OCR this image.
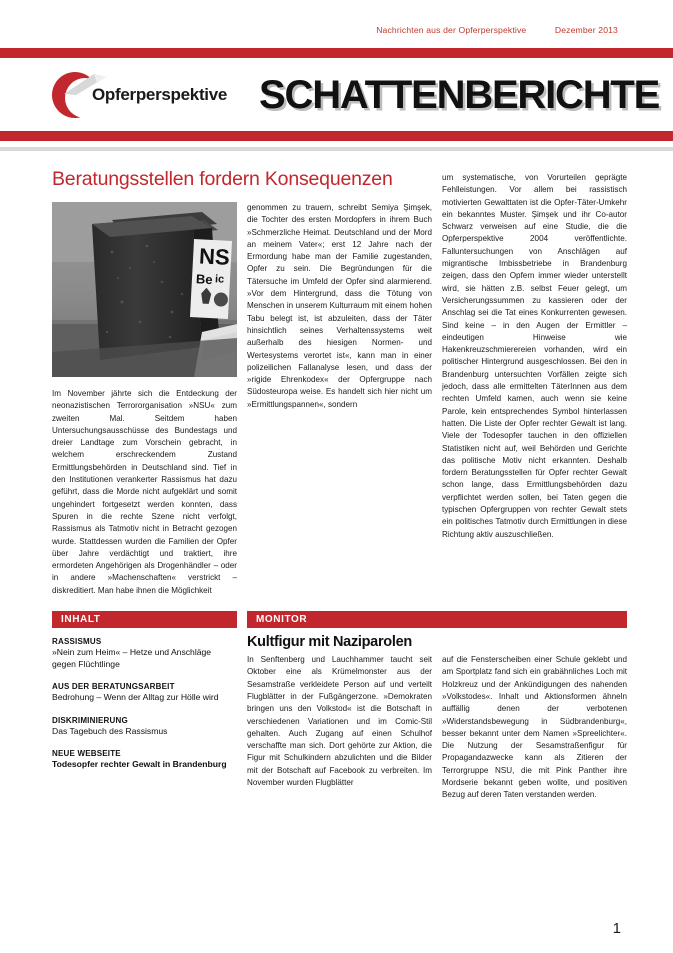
Nachrichten aus der Opferperspektive	Dezember 2013
Opferperspektive SCHATTENBERICHTE
Beratungsstellen fordern Konsequenzen
NS
Be ic

Im November jährte sich die Entdeckung der neonazistischen Terrororganisation »NSU« zum zweiten Mal. Seitdem haben Untersuchungsausschüsse des Bundestags und dreier Landtage zum Vorschein gebracht, in welchem erschreckendem Zustand Ermittlungsbehörden in Deutschland sind. Tief in den Institutionen verankerter Rassismus hat dazu geführt, dass die Morde nicht aufgeklärt und somit ungehindert fortgesetzt werden konnten, dass Spuren in die rechte Szene nicht verfolgt, Rassismus als Tatmotiv nicht in Betracht gezogen wurde. Stattdessen wurden die Familien der Opfer über Jahre verdächtigt und traktiert, ihre ermordeten Angehörigen als Drogenhändler – oder in andere »Machenschaften« verstrickt – diskreditiert. Man habe ihnen die Möglichkeit

genommen zu trauern, schreibt Semiya Şimşek, die Tochter des ersten Mordopfers in ihrem Buch »Schmerzliche Heimat. Deutschland und der Mord an meinem Vater«; erst 12 Jahre nach der Ermordung habe man der Familie zugestanden, Opfer zu sein. Die Begründungen für die Tätersuche im Umfeld der Opfer sind alarmierend. »Vor dem Hintergrund, dass die Tötung von Menschen in unserem Kulturraum mit einem hohen Tabu belegt ist, ist abzuleiten, dass der Täter hinsichtlich seines Verhaltenssystems weit außerhalb des hiesigen Normen- und Wertesystems verortet ist«, kann man in einer polizeilichen Fallanalyse lesen, und dass der »rigide Ehrenkodex« der Opfergruppe nach Südosteuropa weise. Es handelt sich hier nicht um »Ermittlungspannen«, sondern

um systematische, von Vorurteilen geprägte Fehlleistungen. Vor allem bei rassistisch motivierten Gewalttaten ist die Opfer-Täter-Umkehr ein bekanntes Muster. Şimşek und ihr Co-autor Schwarz verweisen auf eine Studie, die die Opferperspektive 2004 veröffentlichte. Falluntersuchungen von Anschlägen auf migrantische Imbissbetriebe in Brandenburg zeigen, dass den Opfern immer wieder unterstellt wird, sie hätten z.B. selbst Feuer gelegt, um Versicherungssummen zu kassieren oder der Anschlag sei die Tat eines Konkurrenten gewesen. Sind keine – in den Augen der Ermittler – eindeutigen Hinweise wie Hakenkreuzschmierereien vorhanden, wird ein politischer Hintergrund ausgeschlossen. Bei den in Brandenburg untersuchten Vorfällen zeigte sich jedoch, dass alle ermittelten TäterInnen aus dem rechten Umfeld kamen, auch wenn sie keine Parole, kein entsprechendes Symbol hinterlassen hatten. Die Liste der Opfer rechter Gewalt ist lang. Viele der Todesopfer tauchen in den offiziellen Statistiken nicht auf, weil Behörden und Gerichte das politische Motiv nicht erkannten. Deshalb fordern Beratungsstellen für Opfer rechter Gewalt schon lange, dass Ermittlungsbehörden dazu verpflichtet werden sollen, bei Taten gegen die typischen Opfergruppen von rechter Gewalt stets ein politisches Tatmotiv durch Ermittlungen in diese Richtung aktiv auszuschließen.

INHALT
RASSISMUS
»Nein zum Heim« – Hetze und Anschläge gegen Flüchtlinge
AUS DER BERATUNGSARBEIT
Bedrohung – Wenn der Alltag zur Hölle wird
DISKRIMINIERUNG
Das Tagebuch des Rassismus
NEUE WEBSEITE
Todesopfer rechter Gewalt in Brandenburg
MONITOR
Kultfigur mit Naziparolen

In Senftenberg und Lauchhammer taucht seit Oktober eine als Krümelmonster aus der Sesamstraße verkleidete Person auf und verteilt Flugblätter in der Fußgängerzone. »Demokraten bringen uns den Volkstod« ist die Botschaft in verschiedenen Variationen und im Comic-Stil gehalten. Auch Zugang auf einen Schulhof verschaffte man sich. Dort gehörte zur Aktion, die Figur mit Schulkindern abzulichten und die Bilder mit der Botschaft auf Facebook zu verbreiten. Im November wurden Flugblätter

auf die Fensterscheiben einer Schule geklebt und am Sportplatz fand sich ein grabähnliches Loch mit Holzkreuz und der Ankündigungen des nahenden »Volkstodes«. Inhalt und Aktionsformen ähneln auffällig denen der verbotenen »Widerstandsbewegung in Südbrandenburg«, besser bekannt unter dem Namen »Spreelichter«. Die Nutzung der Sesamstraßenfigur für Propagandazwecke kann als Zitieren der Terrorgruppe NSU, die mit Pink Panther ihre Mordserie bekannt geben wollte, und positiven Bezug auf deren Taten verstanden werden.

1
